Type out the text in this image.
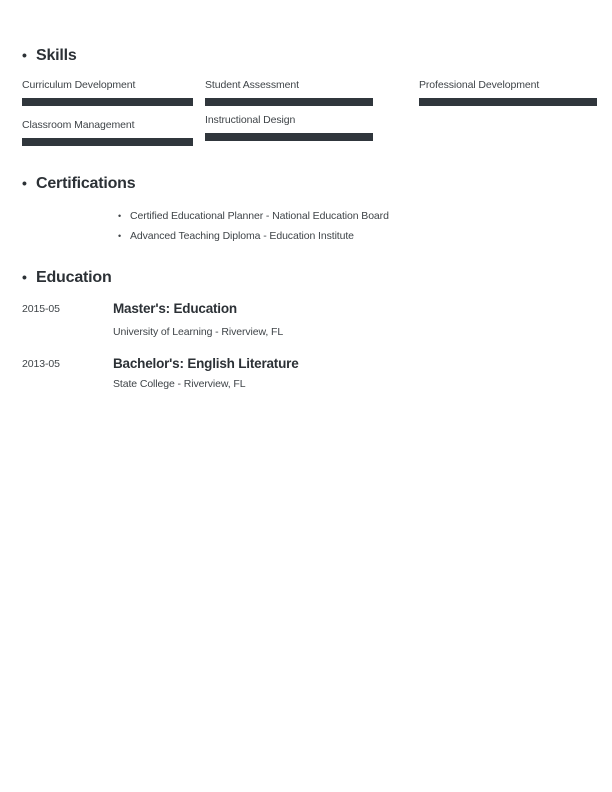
• Skills
Curriculum Development	Student Assessment	Professional Development
Classroom Management	Instructional Design
• Certifications
• Certified Educational Planner - National Education Board
• Advanced Teaching Diploma - Education Institute
• Education
2015-05	Master's: Education
University of Learning - Riverview, FL
2013-05	Bachelor's: English Literature
State College - Riverview, FL
